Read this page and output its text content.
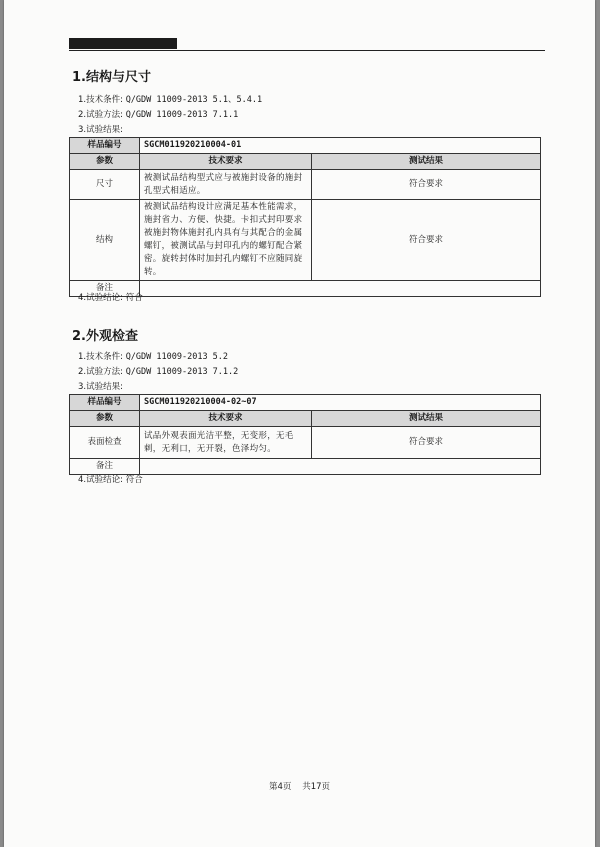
1.结构与尺寸
1.技术条件: Q/GDW 11009-2013 5.1、5.4.1
2.试验方法: Q/GDW 11009-2013 7.1.1
3.试验结果:
样品编号	SGCM011920210004-01	
参数	技术要求	测试结果
尺寸	被测试品结构型式应与被施封设备的施封孔型式相适应。	符合要求
结构	被测试品结构设计应满足基本性能需求，施封省力、方便、快捷。卡扣式封印要求被施封物体施封孔内具有与其配合的金属螺钉，被测试品与封印孔内的螺钉配合紧密。旋转封体时加封孔内螺钉不应随同旋转。	符合要求
备注		
4.试验结论: 符合
2.外观检查
1.技术条件: Q/GDW 11009-2013 5.2
2.试验方法: Q/GDW 11009-2013 7.1.2
3.试验结果:
样品编号	SGCM011920210004-02~07	
参数	技术要求	测试结果
表面检查	试品外观表面光洁平整，无变形，无毛刺，无利口，无开裂，色泽均匀。	符合要求
备注		
4.试验结论: 符合
第4页 共17页
